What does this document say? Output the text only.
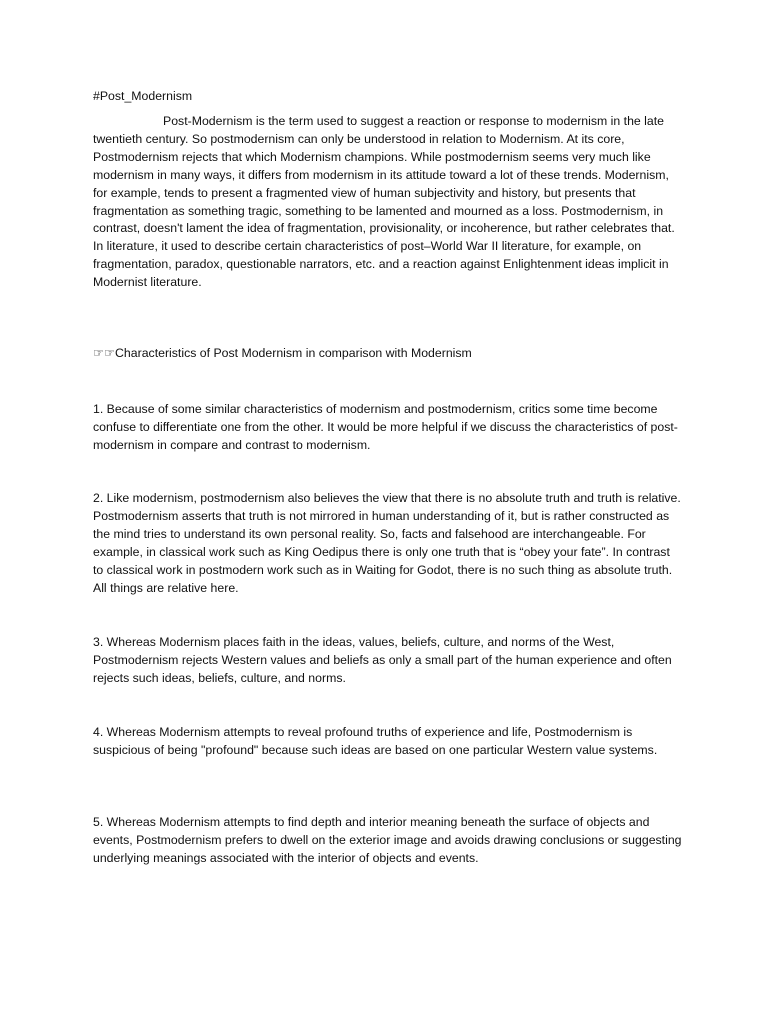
#Post_Modernism

Post-Modernism is the term used to suggest a reaction or response to modernism in the late twentieth century. So postmodernism can only be understood in relation to Modernism. At its core, Postmodernism rejects that which Modernism champions. While postmodernism seems very much like modernism in many ways, it differs from modernism in its attitude toward a lot of these trends. Modernism, for example, tends to present a fragmented view of human subjectivity and history, but presents that fragmentation as something tragic, something to be lamented and mourned as a loss. Postmodernism, in contrast, doesn't lament the idea of fragmentation, provisionality, or incoherence, but rather celebrates that. In literature, it used to describe certain characteristics of post–World War II literature, for example, on fragmentation, paradox, questionable narrators, etc. and a reaction against Enlightenment ideas implicit in Modernist literature.

☞☞Characteristics of Post Modernism in comparison with Modernism

1. Because of some similar characteristics of modernism and postmodernism, critics some time become confuse to differentiate one from the other. It would be more helpful if we discuss the characteristics of post-modernism in compare and contrast to modernism.

2. Like modernism, postmodernism also believes the view that there is no absolute truth and truth is relative. Postmodernism asserts that truth is not mirrored in human understanding of it, but is rather constructed as the mind tries to understand its own personal reality. So, facts and falsehood are interchangeable. For example, in classical work such as King Oedipus there is only one truth that is “obey your fate”. In contrast to classical work in postmodern work such as in Waiting for Godot, there is no such thing as absolute truth. All things are relative here.

3. Whereas Modernism places faith in the ideas, values, beliefs, culture, and norms of the West, Postmodernism rejects Western values and beliefs as only a small part of the human experience and often rejects such ideas, beliefs, culture, and norms.

4. Whereas Modernism attempts to reveal profound truths of experience and life, Postmodernism is suspicious of being "profound" because such ideas are based on one particular Western value systems.

5. Whereas Modernism attempts to find depth and interior meaning beneath the surface of objects and events, Postmodernism prefers to dwell on the exterior image and avoids drawing conclusions or suggesting underlying meanings associated with the interior of objects and events.
